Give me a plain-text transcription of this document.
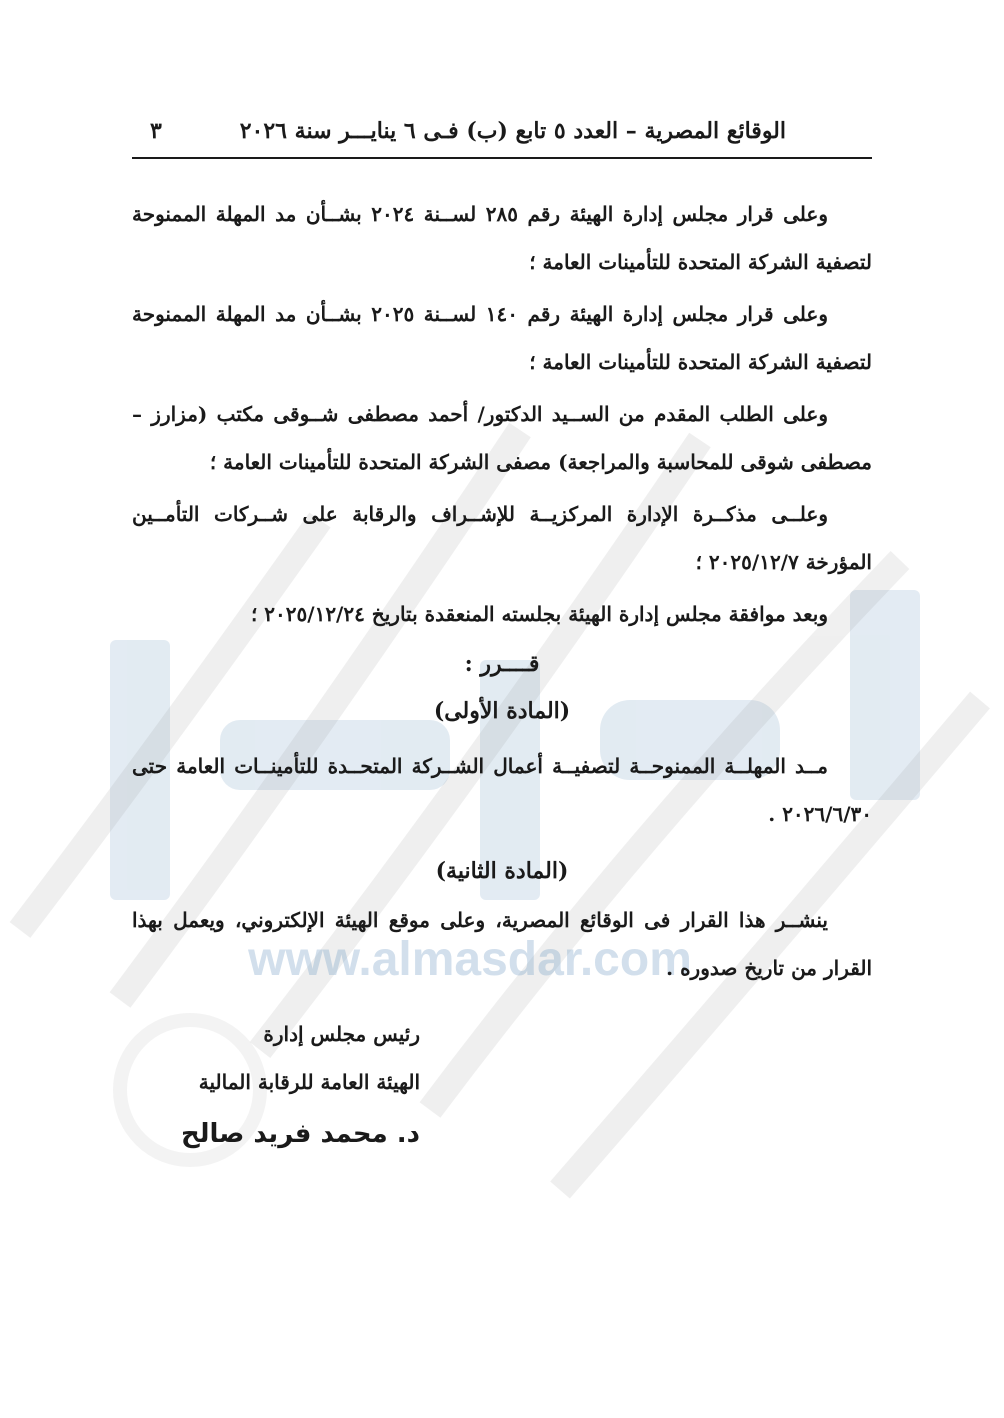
www.almasdar.com
الوقائع المصرية – العدد ٥ تابع (ب) فـى ٦ ينايـــر سنة ٢٠٢٦
٣

وعلى قرار مجلس إدارة الهيئة رقم ٢٨٥ لســنة ٢٠٢٤ بشــأن مد المهلة الممنوحة لتصفية الشركة المتحدة للتأمينات العامة ؛

وعلى قرار مجلس إدارة الهيئة رقم ١٤٠ لســنة ٢٠٢٥ بشــأن مد المهلة الممنوحة لتصفية الشركة المتحدة للتأمينات العامة ؛

وعلى الطلب المقدم من الســيد الدكتور/ أحمد مصطفى شــوقى مكتب (مزارز – مصطفى شوقى للمحاسبة والمراجعة) مصفى الشركة المتحدة للتأمينات العامة ؛

وعلــى مذكــرة الإدارة المركزيــة للإشــراف والرقابة على شــركات التأمــين المؤرخة ٢٠٢٥/١٢/٧ ؛

وبعد موافقة مجلس إدارة الهيئة بجلسته المنعقدة بتاريخ ٢٠٢٥/١٢/٢٤ ؛

قــــرر :
(المادة الأولى)

مــد المهلــة الممنوحــة لتصفيــة أعمال الشــركة المتحــدة للتأمينــات العامة حتى ٢٠٢٦/٦/٣٠ .

(المادة الثانية)

ينشــر هذا القرار فى الوقائع المصرية، وعلى موقع الهيئة الإلكتروني، ويعمل بهذا القرار من تاريخ صدوره .

رئيس مجلس إدارة
الهيئة العامة للرقابة المالية
د. محمد فريد صالح
